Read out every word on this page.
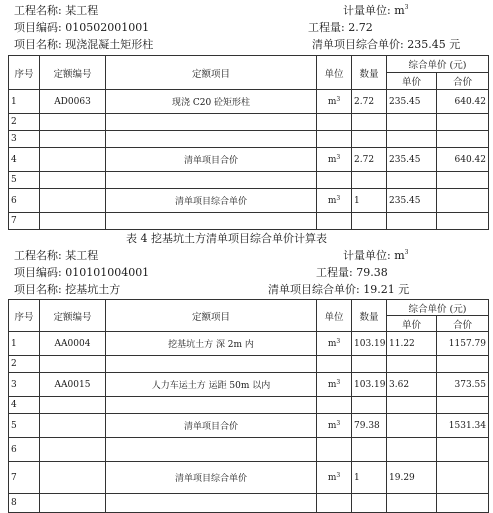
工程名称: 某工程	计量单位: $m^3$
项目编码: 010502001001	工程量: 2.72
项目名称: 现浇混凝土矩形柱	清单项目综合单价: 235.45 元
序号	定额编号	定额项目	单位	数量	综合单价 (元)	
					单价	合价
1	AD0063	现浇 C20 砼矩形柱	$m^3$	2.72	235.45	640.42
2						
3						
4		清单项目合价	$m^3$	2.72	235.45	640.42
5						
6		清单项目综合单价	$m^3$	1	235.45	
7						
表 4 挖基坑土方清单项目综合单价计算表
工程名称: 某工程	计量单位: $m^3$
项目编码: 010101004001	工程量: 79.38
项目名称: 挖基坑土方	清单项目综合单价: 19.21 元
序号	定额编号	定额项目	单位	数量	综合单价 (元)	
					单价	合价
1	AA0004	挖基坑土方 深 2m 内	$m^3$	103.19	11.22	1157.79
2						
3	AA0015	人力车运土方 运距 50m 以内	$m^3$	103.19	3.62	373.55
4						
5		清单项目合价	$m^3$	79.38		1531.34
6						
7		清单项目综合单价	$m^3$	1	19.29	
8						
